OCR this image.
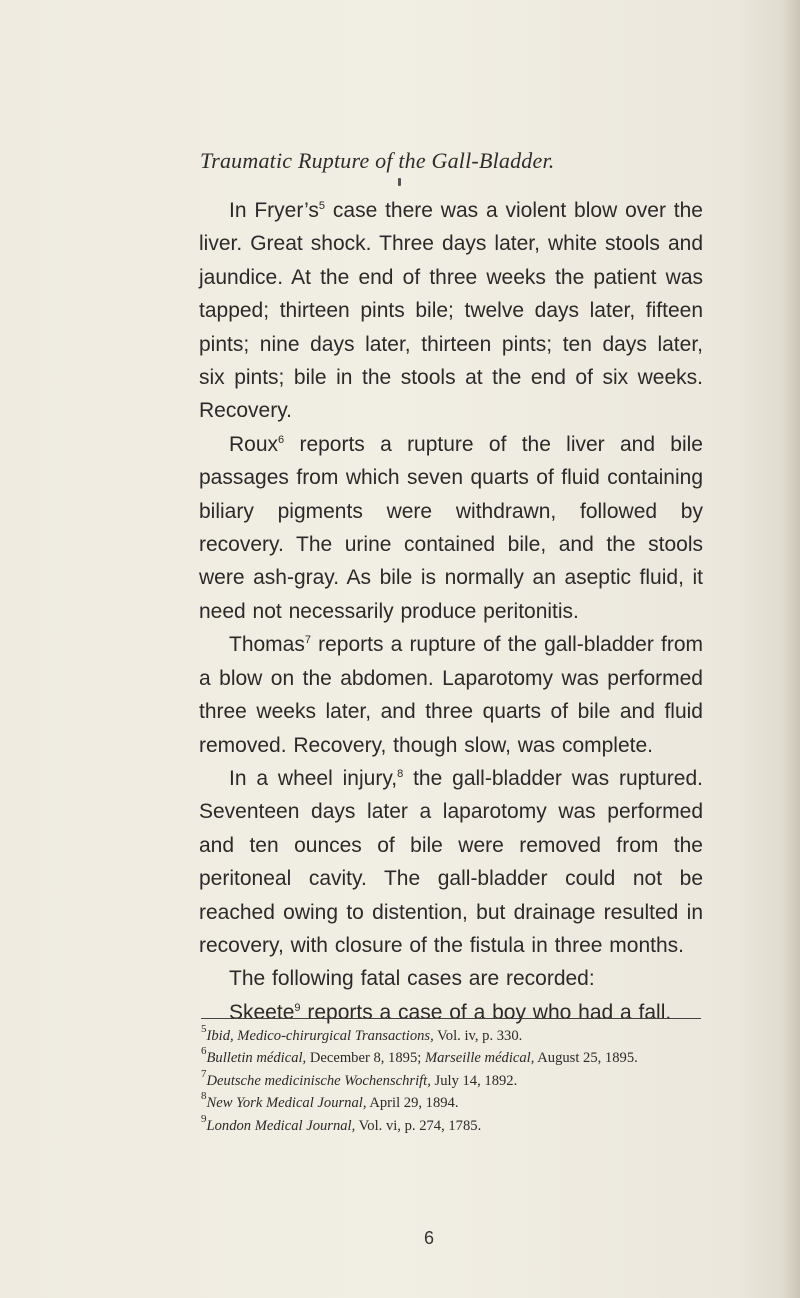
Traumatic Rupture of the Gall-Bladder.

In $Fryer’s^5$ case there was a violent blow over the liver. Great shock. Three days later, white stools and jaundice. At the end of three weeks the patient was tapped; thirteen pints bile; twelve days later, fifteen pints; nine days later, thirteen pints; ten days later, six pints; bile in the stools at the end of six weeks. Recovery.

Roux$^6$ reports a rupture of the liver and bile passages from which seven quarts of fluid containing biliary pigments were withdrawn, followed by recovery. The urine contained bile, and the stools were ash-gray. As bile is normally an aseptic fluid, it need not necessarily produce peritonitis.

Thomas$^7$ reports a rupture of the gall-bladder from a blow on the abdomen. Laparotomy was performed three weeks later, and three quarts of bile and fluid removed. Recovery, though slow, was complete.

In a wheel injury,$^8$ the gall-bladder was ruptured. Seventeen days later a laparotomy was performed and ten ounces of bile were removed from the peritoneal cavity. The gall-bladder could not be reached owing to distention, but drainage resulted in recovery, with closure of the fistula in three months.

The following fatal cases are recorded:

Skeete$^9$ reports a case of a boy who had a fall.

$^5$Ibid, Medico-chirurgical Transactions, Vol. iv, p. 330.

$^6$Bulletin médical, December 8, 1895; Marseille médical, August 25, 1895.

$^7$Deutsche medicinische Wochenschrift, July 14, 1892.

$^8$New York Medical Journal, April 29, 1894.

$^9$London Medical Journal, Vol. vi, p. 274, 1785.

6
